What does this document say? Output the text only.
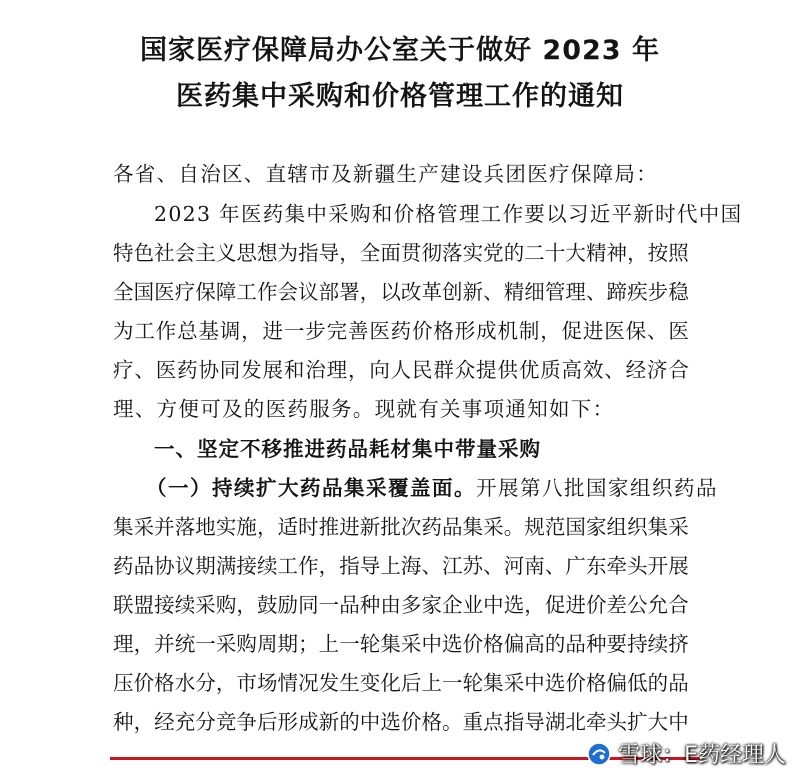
国家医疗保障局办公室关于做好 2023 年
医药集中采购和价格管理工作的通知
各省、自治区、直辖市及新疆生产建设兵团医疗保障局：
2023 年医药集中采购和价格管理工作要以习近平新时代中国
特 色 社 会 主 义 思 想 为 指 导 ， 全 面 贯 彻 落 实 党 的 二 十 大 精 神 ， 按 照
全 国 医 疗 保 障 工 作 会 议 部 署 ， 以 改 革 创 新 、 精 细 管 理 、 蹄 疾 步 稳
为 工 作 总 基 调 ， 进 一 步 完 善 医 药 价 格 形 成 机 制 ， 促 进 医 保 、 医
疗 、 医 药 协 同 发 展 和 治 理 ， 向 人 民 群 众 提 供 优 质 高 效 、 经 济 合
理、方便可及的医药服务。现就有关事项通知如下：
一、坚定不移推进药品耗材集中带量采购
（一）持续扩大药品集采覆盖面。开展第八批国家组织药品
集 采 并 落 地 实 施 ， 适 时 推 进 新 批 次 药 品 集 采 。 规 范 国 家 组 织 集 采
药 品 协 议 期 满 接 续 工 作 ， 指 导 上 海 、 江 苏 、 河 南 、 广 东 牵 头 开 展
联 盟 接 续 采 购 ， 鼓 励 同 一 品 种 由 多 家 企 业 中 选 ， 促 进 价 差 公 允 合
理 ， 并 统 一 采 购 周 期 ； 上 一 轮 集 采 中 选 价 格 偏 高 的 品 种 要 持 续 挤
压 价 格 水 分 ， 市 场 情 况 发 生 变 化 后 上 一 轮 集 采 中 选 价 格 偏 低 的 品
种 ， 经 充 分 竞 争 后 形 成 新 的 中 选 价 格 。 重 点 指 导 湖 北 牵 头 扩 大 中
雪球：E药经理人
